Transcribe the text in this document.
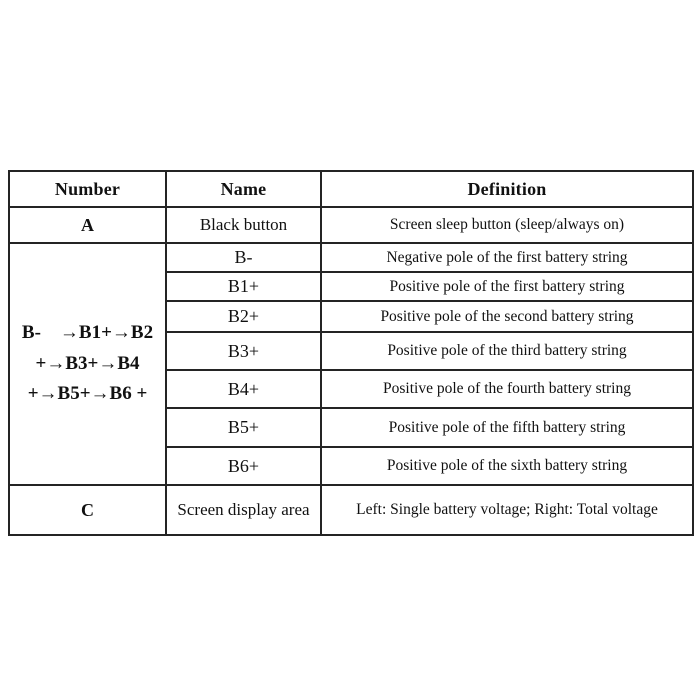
Number	Name	Definition
A	Black button	Screen sleep button (sleep/always on)

B-    →B1+→B2
+→B3+→B4
+→B5+→B6 +	B-	Negative pole of the first battery string
	B1+	Positive pole of the first battery string
	B2+	Positive pole of the second battery string
	B3+	Positive pole of the third battery string
	B4+	Positive pole of the fourth battery string
	B5+	Positive pole of the fifth battery string
	B6+	Positive pole of the sixth battery string
C	Screen display area	Left: Single battery voltage; Right: Total voltage
